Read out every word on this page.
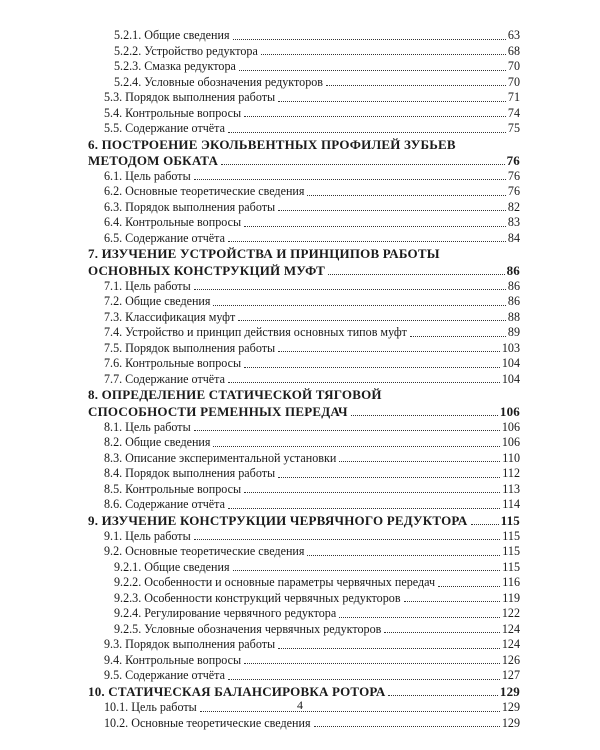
5.2.1. Общие сведения	63
5.2.2. Устройство редуктора	68
5.2.3. Смазка редуктора	70
5.2.4. Условные обозначения редукторов	70
5.3. Порядок выполнения работы	71
5.4. Контрольные вопросы	74
5.5. Содержание отчёта	75
6. ПОСТРОЕНИЕ ЭКОЛЬВЕНТНЫХ ПРОФИЛЕЙ ЗУБЬЕВ
МЕТОДОМ ОБКАТА	76
6.1. Цель работы	76
6.2. Основные теоретические сведения	76
6.3. Порядок выполнения работы	82
6.4. Контрольные вопросы	83
6.5. Содержание отчёта	84
7. ИЗУЧЕНИЕ УСТРОЙСТВА И ПРИНЦИПОВ РАБОТЫ
ОСНОВНЫХ КОНСТРУКЦИЙ МУФТ	86
7.1. Цель работы	86
7.2. Общие сведения	86
7.3. Классификация муфт	88
7.4. Устройство и принцип действия основных типов муфт	89
7.5. Порядок выполнения работы	103
7.6. Контрольные вопросы	104
7.7. Содержание отчёта	104
8. ОПРЕДЕЛЕНИЕ СТАТИЧЕСКОЙ ТЯГОВОЙ
СПОСОБНОСТИ РЕМЕННЫХ ПЕРЕДАЧ	106
8.1. Цель работы	106
8.2. Общие сведения	106
8.3. Описание экспериментальной установки	110
8.4. Порядок выполнения работы	112
8.5. Контрольные вопросы	113
8.6. Содержание отчёта	114
9. ИЗУЧЕНИЕ КОНСТРУКЦИИ ЧЕРВЯЧНОГО РЕДУКТОРА	115
9.1. Цель работы	115
9.2. Основные теоретические сведения	115
9.2.1. Общие сведения	115
9.2.2. Особенности и основные параметры червячных передач	116
9.2.3. Особенности конструкций червячных редукторов	119
9.2.4. Регулирование червячного редуктора	122
9.2.5. Условные обозначения червячных редукторов	124
9.3. Порядок выполнения работы	124
9.4. Контрольные вопросы	126
9.5. Содержание отчёта	127
10. СТАТИЧЕСКАЯ БАЛАНСИРОВКА РОТОРА	129
10.1. Цель работы	129
10.2. Основные теоретические сведения	129
4
